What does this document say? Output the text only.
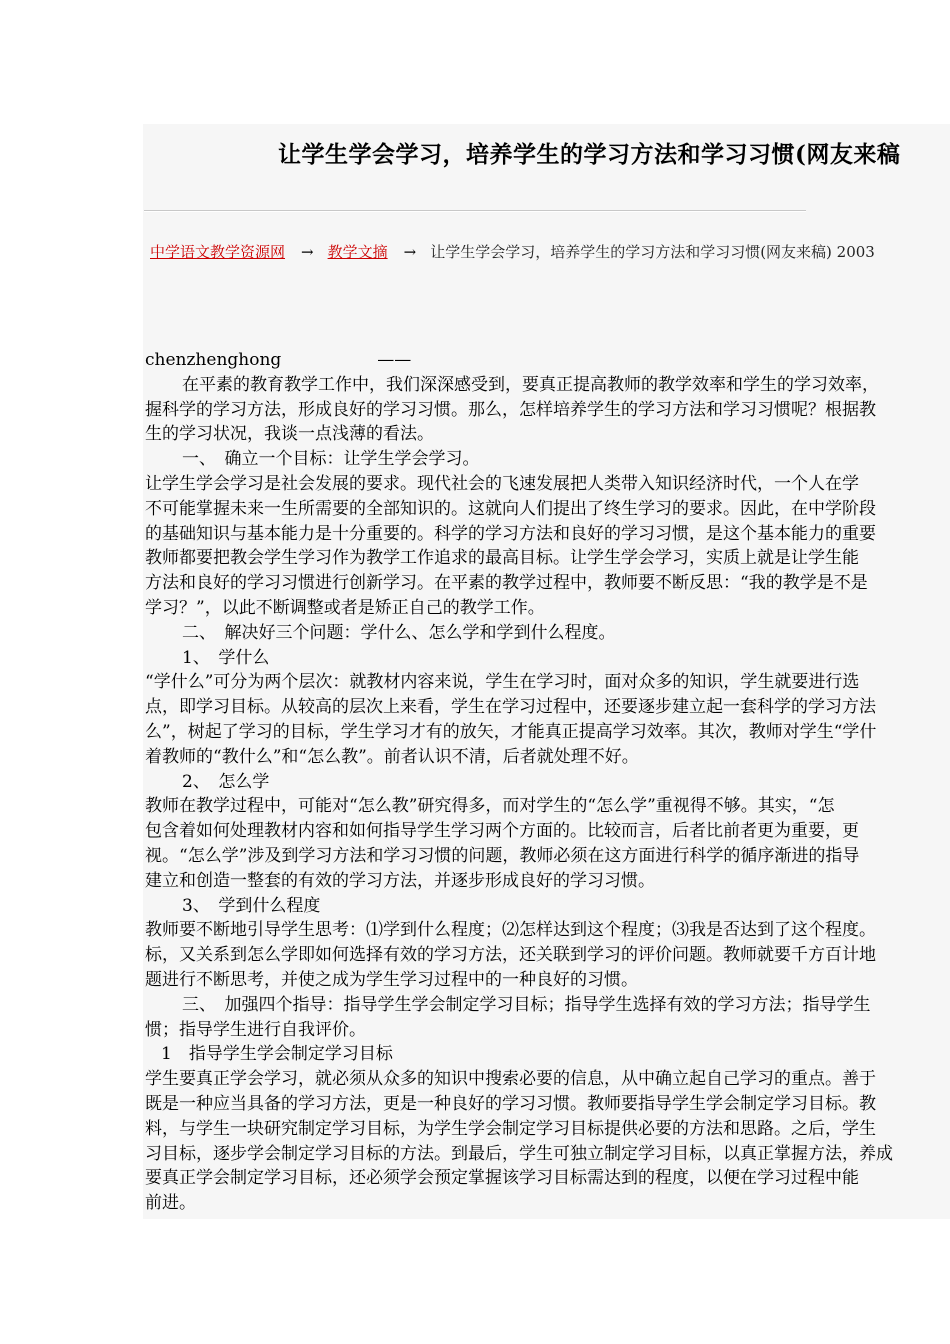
让学生学会学习，培养学生的学习方法和学习习惯(网友来稿
中学语文教学资源网 → 教学文摘 → 让学生学会学习，培养学生的学习方法和学习习惯(网友来稿) 2003
chenzhenghong	——
在平素的教育教学工作中，我们深深感受到，要真正提高教师的教学效率和学生的学习效率，
握科学的学习方法，形成良好的学习习惯。那么，怎样培养学生的学习方法和学习习惯呢？根据教
生的学习状况，我谈一点浅薄的看法。
一、　确立一个目标：让学生学会学习。
让学生学会学习是社会发展的要求。现代社会的飞速发展把人类带入知识经济时代，一个人在学
不可能掌握未来一生所需要的全部知识的。这就向人们提出了终生学习的要求。因此，在中学阶段
的基础知识与基本能力是十分重要的。科学的学习方法和良好的学习习惯，是这个基本能力的重要
教师都要把教会学生学习作为教学工作追求的最高目标。让学生学会学习，实质上就是让学生能
方法和良好的学习习惯进行创新学习。在平素的教学过程中，教师要不断反思：“我的教学是不是
学习？”，以此不断调整或者是矫正自己的教学工作。
二、　解决好三个问题：学什么、怎么学和学到什么程度。
1、　学什么
“学什么”可分为两个层次：就教材内容来说，学生在学习时，面对众多的知识，学生就要进行选
点，即学习目标。从较高的层次上来看，学生在学习过程中，还要逐步建立起一套科学的学习方法
么”，树起了学习的目标，学生学习才有的放矢，才能真正提高学习效率。其次，教师对学生“学什
着教师的“教什么”和“怎么教”。前者认识不清，后者就处理不好。
2、　怎么学
教师在教学过程中，可能对“怎么教”研究得多，而对学生的“怎么学”重视得不够。其实，“怎
包含着如何处理教材内容和如何指导学生学习两个方面的。比较而言，后者比前者更为重要，更
视。“怎么学”涉及到学习方法和学习习惯的问题，教师必须在这方面进行科学的循序渐进的指导
建立和创造一整套的有效的学习方法，并逐步形成良好的学习习惯。
3、　学到什么程度
教师要不断地引导学生思考：⑴学到什么程度；⑵怎样达到这个程度；⑶我是否达到了这个程度。
标，又关系到怎么学即如何选择有效的学习方法，还关联到学习的评价问题。教师就要千方百计地
题进行不断思考，并使之成为学生学习过程中的一种良好的习惯。
三、　加强四个指导：指导学生学会制定学习目标；指导学生选择有效的学习方法；指导学生
惯；指导学生进行自我评价。
1　指导学生学会制定学习目标
学生要真正学会学习，就必须从众多的知识中搜索必要的信息，从中确立起自己学习的重点。善于
既是一种应当具备的学习方法，更是一种良好的学习习惯。教师要指导学生学会制定学习目标。教
料，与学生一块研究制定学习目标，为学生学会制定学习目标提供必要的方法和思路。之后，学生
习目标，逐步学会制定学习目标的方法。到最后，学生可独立制定学习目标，以真正掌握方法，养成
要真正学会制定学习目标，还必须学会预定掌握该学习目标需达到的程度，以便在学习过程中能
前进。
